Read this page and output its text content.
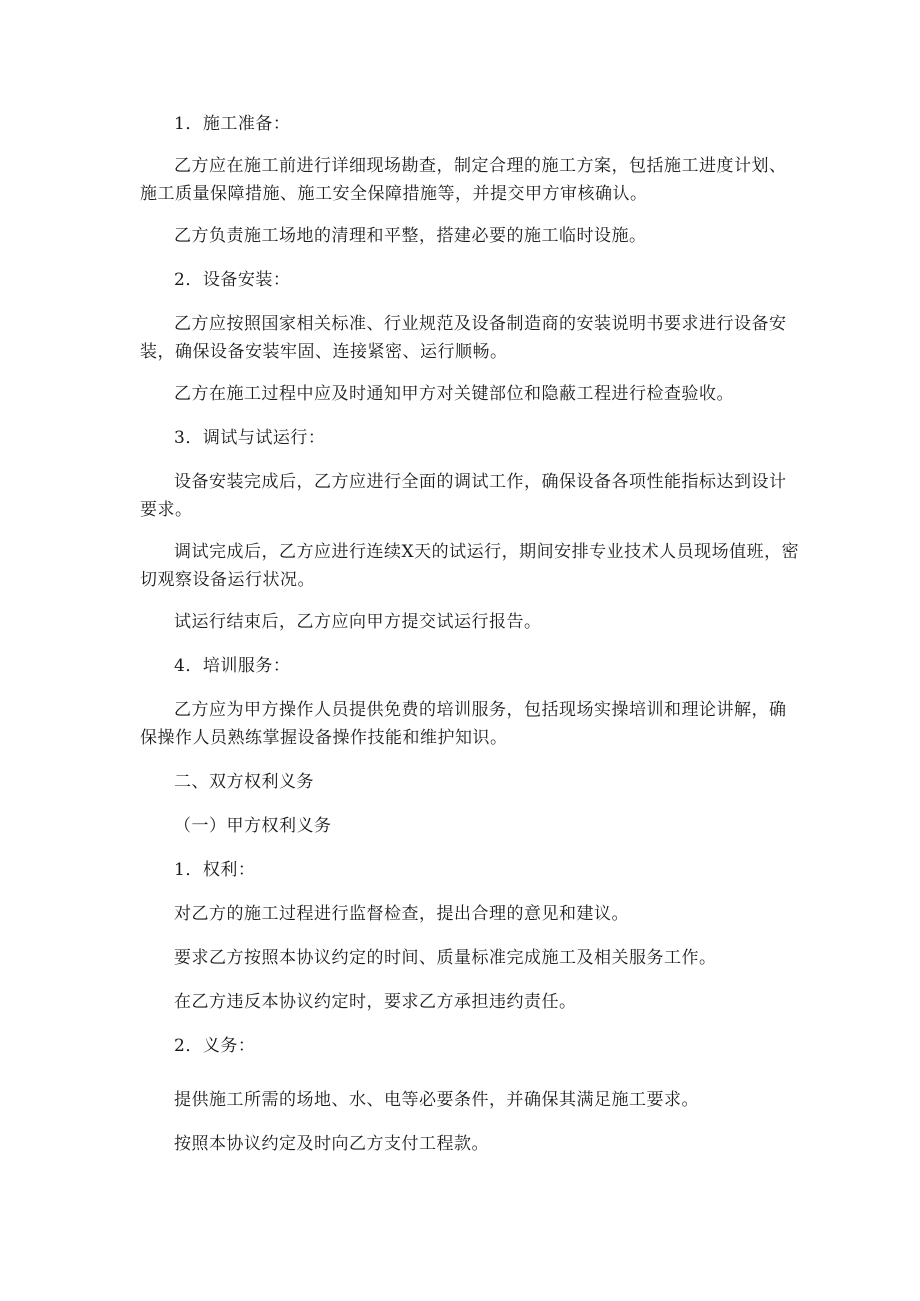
1．施工准备：
乙方应在施工前进行详细现场勘查，制定合理的施工方案，包括施工进度计划、施工质量保障措施、施工安全保障措施等，并提交甲方审核确认。
乙方负责施工场地的清理和平整，搭建必要的施工临时设施。
2．设备安装：
乙方应按照国家相关标准、行业规范及设备制造商的安装说明书要求进行设备安装，确保设备安装牢固、连接紧密、运行顺畅。
乙方在施工过程中应及时通知甲方对关键部位和隐蔽工程进行检查验收。
3．调试与试运行：
设备安装完成后，乙方应进行全面的调试工作，确保设备各项性能指标达到设计要求。
调试完成后，乙方应进行连续X天的试运行，期间安排专业技术人员现场值班，密切观察设备运行状况。
试运行结束后，乙方应向甲方提交试运行报告。
4．培训服务：
乙方应为甲方操作人员提供免费的培训服务，包括现场实操培训和理论讲解，确保操作人员熟练掌握设备操作技能和维护知识。
二、双方权利义务
（一）甲方权利义务
1．权利：
对乙方的施工过程进行监督检查，提出合理的意见和建议。
要求乙方按照本协议约定的时间、质量标准完成施工及相关服务工作。
在乙方违反本协议约定时，要求乙方承担违约责任。
2．义务：
提供施工所需的场地、水、电等必要条件，并确保其满足施工要求。
按照本协议约定及时向乙方支付工程款。
